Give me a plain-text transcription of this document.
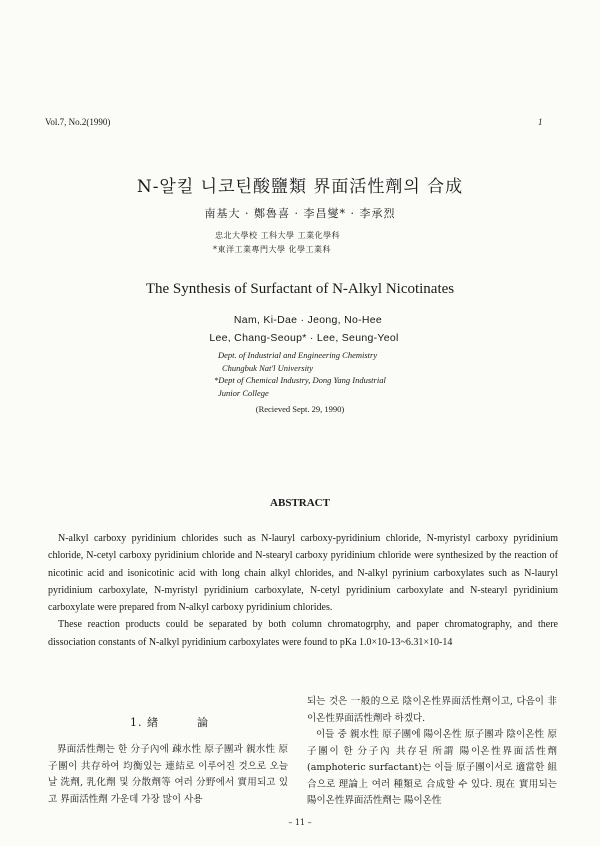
Vol.7, No.2(1990)	1
N-알킬 니코틴酸鹽類 界面活性劑의 合成
南基大 · 鄭魯喜 · 李昌燮* · 李承烈
忠北大學校 工科大學 工業化學科
*東洋工業專門大學 化學工業科
The Synthesis of Surfactant of N-Alkyl Nicotinates
Nam, Ki-Dae · Jeong, No-Hee
Lee, Chang-Seoup* · Lee, Seung-Yeol
Dept. of Industrial and Engineering Chemistry
Chungbuk Nat'l University
*Dept of Chemical Industry, Dong Yang Industrial
Junior College
(Recieved Sept. 29, 1990)
ABSTRACT

N-alkyl carboxy pyridinium chlorides such as N-lauryl carboxy-pyridinium chloride, N-myristyl carboxy pyridinium chloride, N-cetyl carboxy pyridinium chloride and N-stearyl carboxy pyridinium chloride were synthesized by the reaction of nicotinic acid and isonicotinic acid with long chain alkyl chlorides, and N-alkyl pyrinium carboxylates such as N-lauryl pyridinium carboxylate, N-myristyl pyridinium carboxylate, N-cetyl pyridinium carboxylate and N-stearyl pyridinium carboxylate were prepared from N-alkyl carboxy pyridinium chlorides.

These reaction products could be separated by both column chromatogrphy, and paper chromatography, and there dissociation constants of N-alkyl pyridinium carboxylates were found to pKa 1.0×10-13~6.31×10-14

1. 緖	論
界面活性劑는 한 分子內에 疎水性 原子團과 親水性 原子團이 共存하여 均衡있는 連結로 이루어진 것으로 오늘날 洗劑, 乳化劑 및 分散劑等 여러 分野에서 實用되고 있고 界面活性劑 가운데 가장 많이 사용

되는 것은 一般的으로 陰이온性界面活性劑이고, 다음이 非이온性界面活性劑라 하겠다.

이들 중 親水性 原子團에 陽이온性 原子團과 陰이온性 原子團이 한 分子內 共存된 所謂 陽이온性界面活性劑(amphoteric surfactant)는 이들 原子團이서로 適當한 組合으로 理論上 여러 種類로 合成할 수 있다. 現在 實用되는 陽이온性界面活性劑는 陽이온性

– 11 –
